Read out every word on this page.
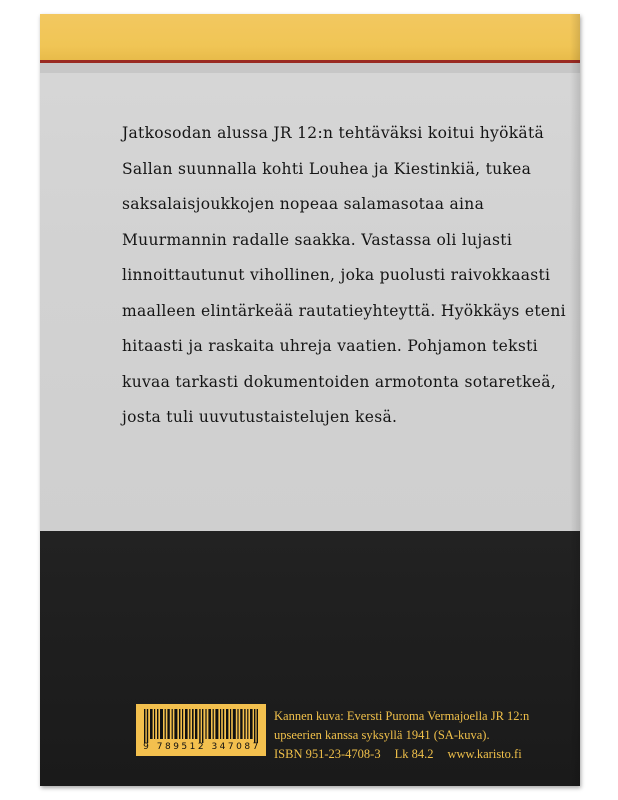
Jatkosodan alussa JR 12:n tehtäväksi koitui hyökätä
Sallan suunnalla kohti Louhea ja Kiestinkiä, tukea
saksalaisjoukkojen nopeaa salamasotaa aina
Muurmannin radalle saakka. Vastassa oli lujasti
linnoittautunut vihollinen, joka puolusti raivokkaasti
maalleen elintärkeää rautatieyhteyttä. Hyökkäys eteni
hitaasti ja raskaita uhreja vaatien. Pohjamon teksti
kuvaa tarkasti dokumentoiden armotonta sotaretkeä,
josta tuli uuvutustaistelujen kesä.

9 789512 347087
Kannen kuva: Eversti Puroma Vermajoella JR 12:n
upseerien kanssa syksyllä 1941 (SA-kuva).
ISBN 951-23-4708-3 Lk 84.2 www.karisto.fi
